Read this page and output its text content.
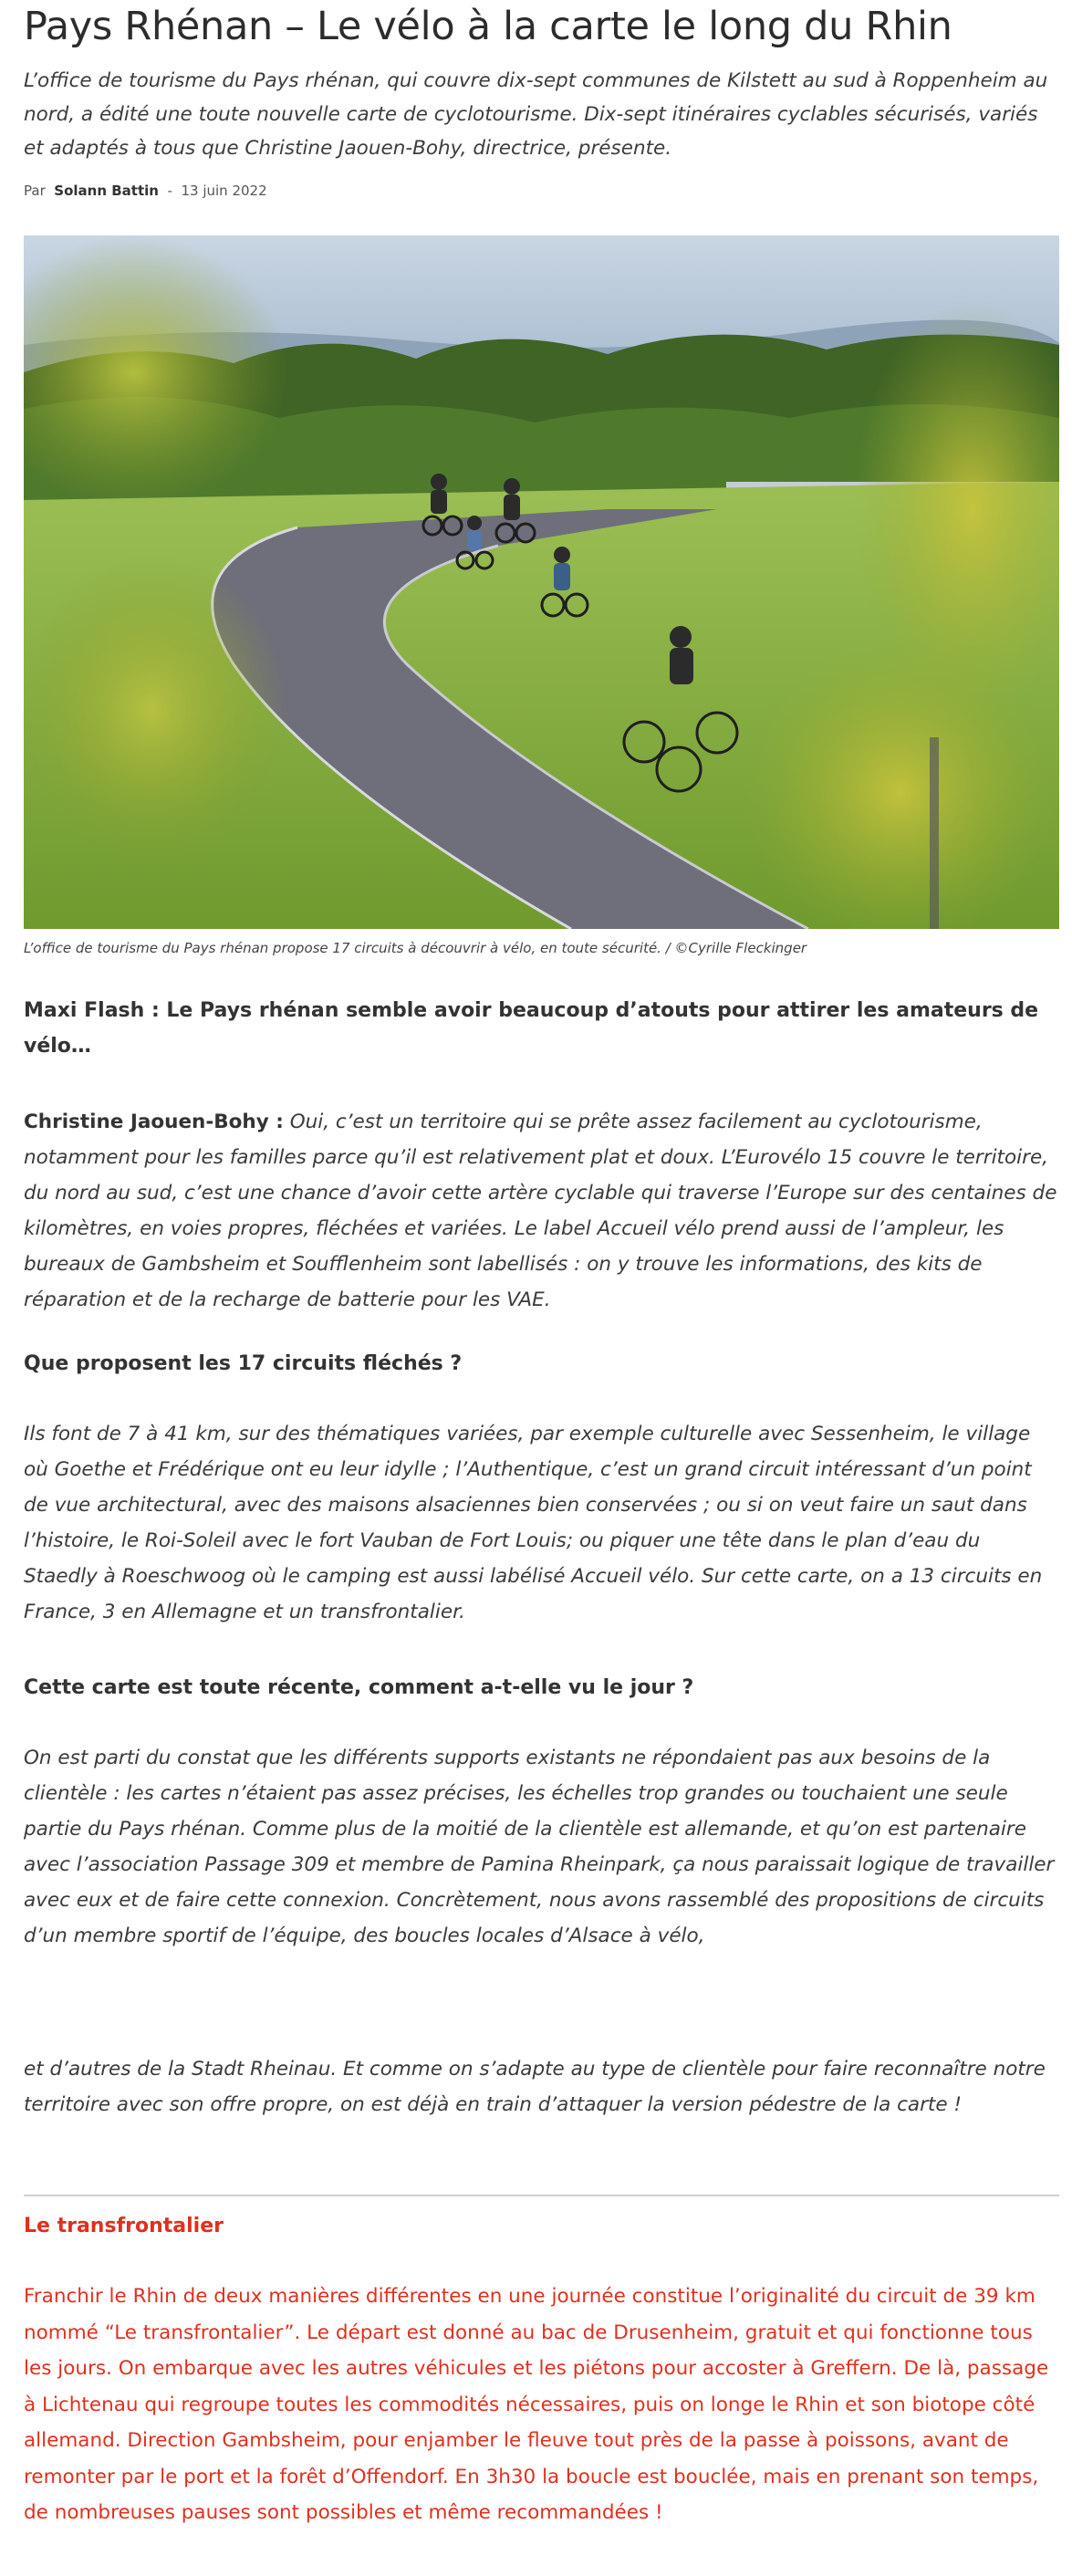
Pays Rhénan – Le vélo à la carte le long du Rhin

L’office de tourisme du Pays rhénan, qui couvre dix-sept communes de Kilstett au sud à Roppenheim au nord, a édité une toute nouvelle carte de cyclotourisme. Dix-sept itinéraires cyclables sécurisés, variés et adaptés à tous que Christine Jaouen-Bohy, directrice, présente.

Par Solann Battin - 13 juin 2022
L’office de tourisme du Pays rhénan propose 17 circuits à découvrir à vélo, en toute sécurité. / ©Cyrille Fleckinger

Maxi Flash : Le Pays rhénan semble avoir beaucoup d’atouts pour attirer les amateurs de vélo…

Christine Jaouen-Bohy : Oui, c’est un territoire qui se prête assez facilement au cyclotourisme, notamment pour les familles parce qu’il est relativement plat et doux. L’Eurovélo 15 couvre le territoire, du nord au sud, c’est une chance d’avoir cette artère cyclable qui traverse l’Europe sur des centaines de kilomètres, en voies propres, fléchées et variées. Le label Accueil vélo prend aussi de l’ampleur, les bureaux de Gambsheim et Soufflenheim sont labellisés : on y trouve les informations, des kits de réparation et de la recharge de batterie pour les VAE.

Que proposent les 17 circuits fléchés ?

Ils font de 7 à 41 km, sur des thématiques variées, par exemple culturelle avec Sessenheim, le village où Goethe et Frédérique ont eu leur idylle ; l’Authentique, c’est un grand circuit intéressant d’un point de vue architectural, avec des maisons alsaciennes bien conservées ; ou si on veut faire un saut dans l’histoire, le Roi-Soleil avec le fort Vauban de Fort Louis; ou piquer une tête dans le plan d’eau du Staedly à Roeschwoog où le camping est aussi labélisé Accueil vélo. Sur cette carte, on a 13 circuits en France, 3 en Allemagne et un transfrontalier.

Cette carte est toute récente, comment a-t-elle vu le jour ?

On est parti du constat que les différents supports existants ne répondaient pas aux besoins de la clientèle : les cartes n’étaient pas assez précises, les échelles trop grandes ou touchaient une seule partie du Pays rhénan. Comme plus de la moitié de la clientèle est allemande, et qu’on est partenaire avec l’association Passage 309 et membre de Pamina Rheinpark, ça nous paraissait logique de travailler avec eux et de faire cette connexion. Concrètement, nous avons rassemblé des propositions de circuits d’un membre sportif de l’équipe, des boucles locales d’Alsace à vélo,

et d’autres de la Stadt Rheinau. Et comme on s’adapte au type de clientèle pour faire reconnaître notre territoire avec son offre propre, on est déjà en train d’attaquer la version pédestre de la carte !

Le transfrontalier

Franchir le Rhin de deux manières différentes en une journée constitue l’originalité du circuit de 39 km nommé “Le transfrontalier”. Le départ est donné au bac de Drusenheim, gratuit et qui fonctionne tous les jours. On embarque avec les autres véhicules et les piétons pour accoster à Greffern. De là, passage à Lichtenau qui regroupe toutes les commodités nécessaires, puis on longe le Rhin et son biotope côté allemand. Direction Gambsheim, pour enjamber le fleuve tout près de la passe à poissons, avant de remonter par le port et la forêt d’Offendorf. En 3h30 la boucle est bouclée, mais en prenant son temps, de nombreuses pauses sont possibles et même recommandées !
